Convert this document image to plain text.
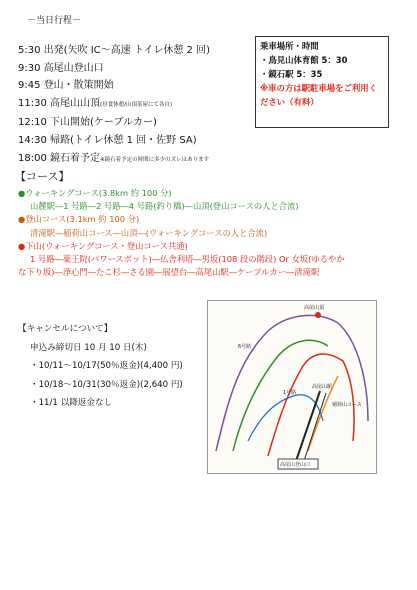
－当日行程－
5:30 出発(矢吹 IC～高速 トイレ休憩 2 回)
9:30 高尾山登山口
9:45 登山・散策開始
11:30 高尾山山頂(昼食休憩/山頂茶屋にて各自)
12:10 下山開始(ケーブルカー)
14:30 帰路(トイレ休憩 1 回・佐野 SA)
18:00 鏡石着予定※鏡石着予定の時間に多少のズレはあります
乗車場所・時間
・鳥見山体育館 5：30
・鏡石駅 5：35
※車の方は駅駐車場をご利用ください（有料）
【コース】
●ウォーキングコース(3.8km 約 100 分)
山麓駅―1 号路―2 号路―4 号路(釣り橋)―山頂(登山コースの人と合流)
●登山コース(3.1km 約 100 分)
清滝駅―稲荷山コース―山頂―(ウォーキングコースの人と合流)
●下山(ウォーキングコース・登山コース共通)
1 号路―薬王院(パワースポット)―仏舎利塔―男坂(108 段の階段) Or 女坂(ゆるやか
な下り坂)―浄心門―たこ杉―さる園―展望台―高尾山駅―ケーブルカー―清滝駅
【キャンセルについて】
申込み締切日 10 月 10 日(木)
・10/11～10/17(50％返金)(4,400 円)
・10/18～10/31(30％返金)(2,640 円)
・11/1 以降返金なし
高尾山頂
6号路
1号路
稲荷山コース
高尾山駅
高尾山登山口
